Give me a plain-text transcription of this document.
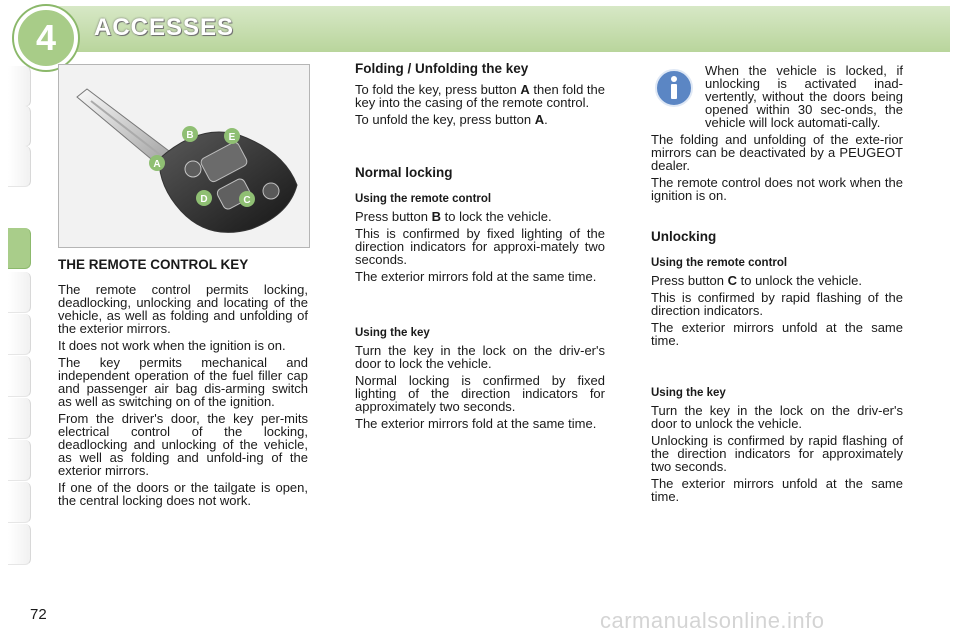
4	ACCESSES
B	E
A
D	C
THE REMOTE CONTROL KEY

The remote control permits locking, deadlocking, unlocking and locating of the vehicle, as well as folding and unfolding of the exterior mirrors.

It does not work when the ignition is on.

The key permits mechanical and independent operation of the fuel filler cap and passenger air bag dis-arming switch as well as switching on of the ignition.

From the driver's door, the key per-mits electrical control of the locking, deadlocking and unlocking of the vehicle, as well as folding and unfold-ing of the exterior mirrors.

If one of the doors or the tailgate is open, the central locking does not work.

Folding / Unfolding the key

To fold the key, press button A then fold the key into the casing of the remote control.

To unfold the key, press button A.

Normal locking
Using the remote control

Press button B to lock the vehicle.

This is confirmed by fixed lighting of the direction indicators for approxi-mately two seconds.

The exterior mirrors fold at the same time.

Using the key

Turn the key in the lock on the driv-er's door to lock the vehicle.

Normal locking is confirmed by fixed lighting of the direction indicators for approximately two seconds.

The exterior mirrors fold at the same time.

When the vehicle is locked, if unlocking is activated inad-vertently, without the doors being opened within 30 sec-onds, the vehicle will lock automati-cally.

The folding and unfolding of the exte-rior mirrors can be deactivated by a PEUGEOT dealer.

The remote control does not work when the ignition is on.

Unlocking
Using the remote control

Press button C to unlock the vehicle.

This is confirmed by rapid flashing of the direction indicators.

The exterior mirrors unfold at the same time.

Using the key

Turn the key in the lock on the driv-er's door to unlock the vehicle.

Unlocking is confirmed by rapid flashing of the direction indicators for approximately two seconds.

The exterior mirrors unfold at the same time.

72	carmanualsonline.info
